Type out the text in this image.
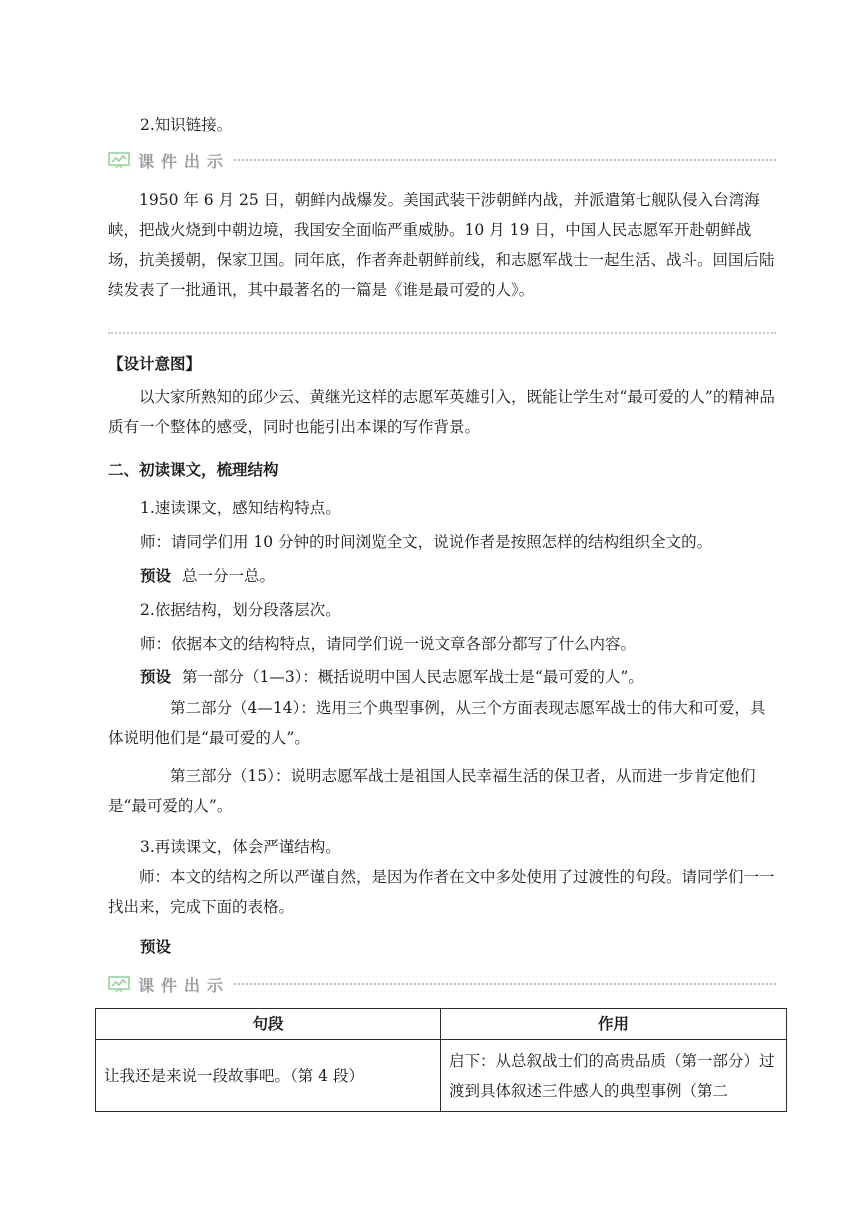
2.知识链接。
课件出示
1950 年 6 月 25 日，朝鲜内战爆发。美国武装干涉朝鲜内战，并派遣第七舰队侵入台湾海峡，把战火烧到中朝边境，我国安全面临严重威胁。10 月 19 日，中国人民志愿军开赴朝鲜战场，抗美援朝，保家卫国。同年底，作者奔赴朝鲜前线，和志愿军战士一起生活、战斗。回国后陆续发表了一批通讯，其中最著名的一篇是《谁是最可爱的人》。
【设计意图】
以大家所熟知的邱少云、黄继光这样的志愿军英雄引入，既能让学生对“最可爱的人”的精神品质有一个整体的感受，同时也能引出本课的写作背景。
二、初读课文，梳理结构
1.速读课文，感知结构特点。
师：请同学们用 10 分钟的时间浏览全文，说说作者是按照怎样的结构组织全文的。
预设 总一分一总。
2.依据结构，划分段落层次。
师：依据本文的结构特点，请同学们说一说文章各部分都写了什么内容。
预设 第一部分（1—3）：概括说明中国人民志愿军战士是“最可爱的人”。
第二部分（4—14）：选用三个典型事例，从三个方面表现志愿军战士的伟大和可爱，具体说明他们是“最可爱的人”。
第三部分（15）：说明志愿军战士是祖国人民幸福生活的保卫者，从而进一步肯定他们是“最可爱的人”。
3.再读课文，体会严谨结构。
师：本文的结构之所以严谨自然，是因为作者在文中多处使用了过渡性的句段。请同学们一一找出来，完成下面的表格。
预设
课件出示
句段	作用
让我还是来说一段故事吧。（第 4 段）	启下：从总叙战士们的高贵品质（第一部分）过渡到具体叙述三件感人的典型事例（第二
